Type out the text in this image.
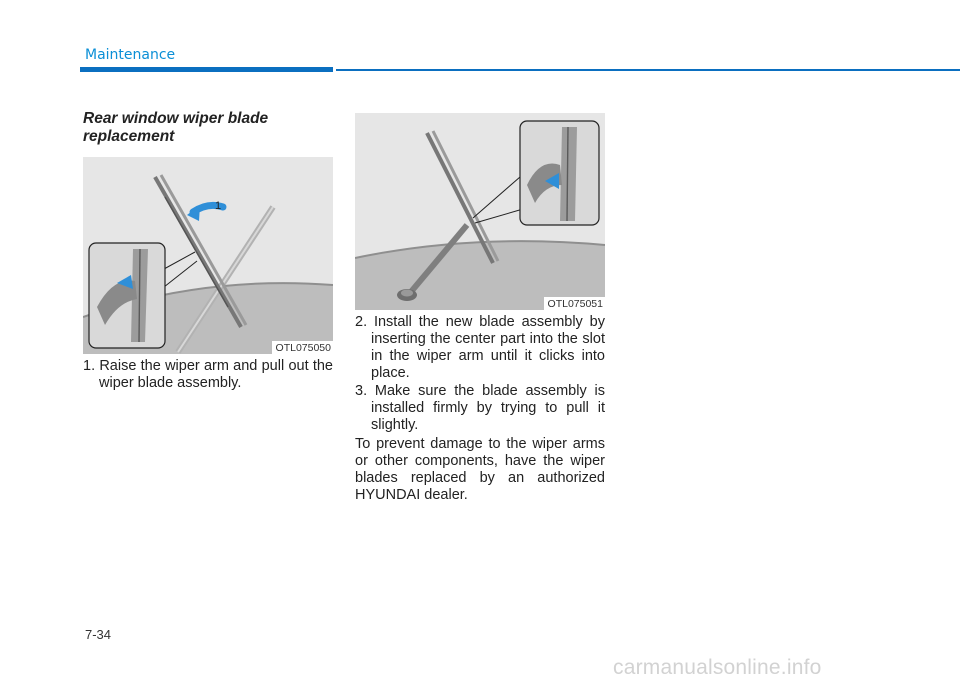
Maintenance
Rear window wiper blade replacement
1
OTL075050
OTL075051

1. Raise the wiper arm and pull out the wiper blade assembly.

2. Install the new blade assembly by inserting the center part into the slot in the wiper arm until it clicks into place.

3. Make sure the blade assembly is installed firmly by trying to pull it slightly.

To prevent damage to the wiper arms or other components, have the wiper blades replaced by an authorized HYUNDAI dealer.

7-34
carmanualsonline.info
